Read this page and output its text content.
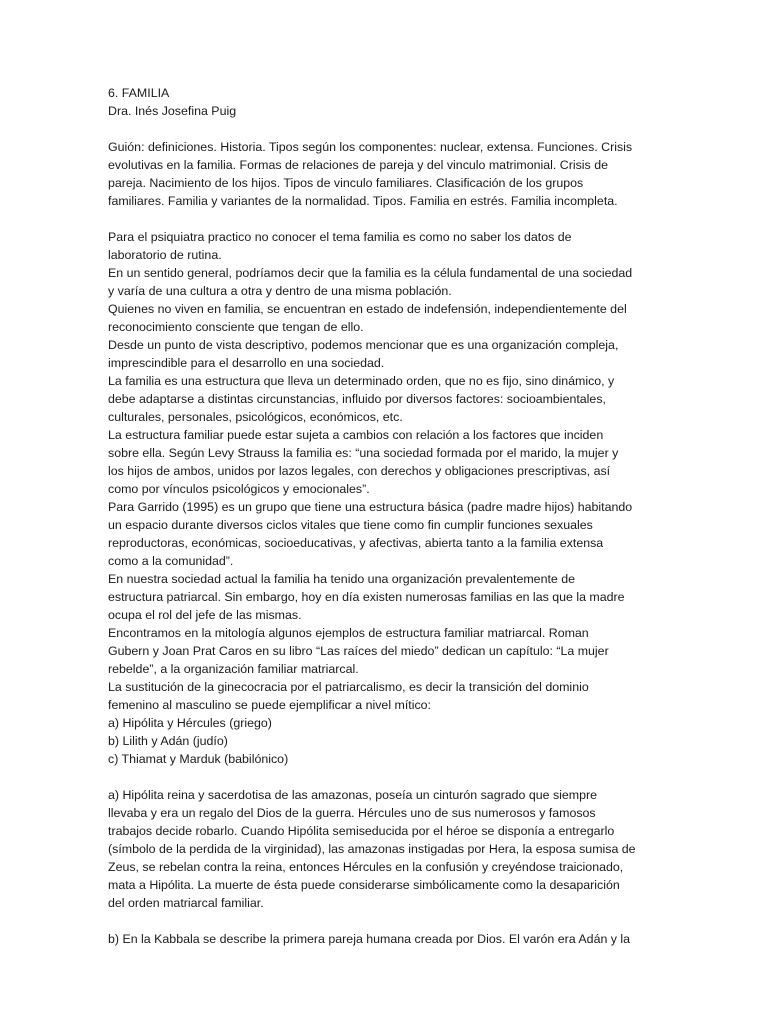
6. FAMILIA
Dra. Inés Josefina Puig
Guión: definiciones. Historia. Tipos según los componentes: nuclear, extensa. Funciones. Crisis
evolutivas en la familia. Formas de relaciones de pareja y del vinculo matrimonial. Crisis de
pareja. Nacimiento de los hijos. Tipos de vinculo familiares. Clasificación de los grupos
familiares. Familia y variantes de la normalidad. Tipos. Familia en estrés. Familia incompleta.
Para el psiquiatra practico no conocer el tema familia es como no saber los datos de
laboratorio de rutina.
En un sentido general, podríamos decir que la familia es la célula fundamental de una sociedad
y varía de una cultura a otra y dentro de una misma población.
Quienes no viven en familia, se encuentran en estado de indefensión, independientemente del
reconocimiento consciente que tengan de ello.
Desde un punto de vista descriptivo, podemos mencionar que es una organización compleja,
imprescindible para el desarrollo en una sociedad.
La familia es una estructura que lleva un determinado orden, que no es fijo, sino dinámico, y
debe adaptarse a distintas circunstancias, influido por diversos factores: socioambientales,
culturales, personales, psicológicos, económicos, etc.
La estructura familiar puede estar sujeta a cambios con relación a los factores que inciden
sobre ella. Según Levy Strauss la familia es: “una sociedad formada por el marido, la mujer y
los hijos de ambos, unidos por lazos legales, con derechos y obligaciones prescriptivas, así
como por vínculos psicológicos y emocionales”.
Para Garrido (1995) es un grupo que tiene una estructura básica (padre madre hijos) habitando
un espacio durante diversos ciclos vitales que tiene como fin cumplir funciones sexuales
reproductoras, económicas, socioeducativas, y afectivas, abierta tanto a la familia extensa
como a la comunidad”.
En nuestra sociedad actual la familia ha tenido una organización prevalentemente de
estructura patriarcal. Sin embargo, hoy en día existen numerosas familias en las que la madre
ocupa el rol del jefe de las mismas.
Encontramos en la mitología algunos ejemplos de estructura familiar matriarcal. Roman
Gubern y Joan Prat Caros en su libro “Las raíces del miedo” dedican un capítulo: “La mujer
rebelde”, a la organización familiar matriarcal.
La sustitución de la ginecocracia por el patriarcalismo, es decir la transición del dominio
femenino al masculino se puede ejemplificar a nivel mítico:
a) Hipólita y Hércules (griego)
b) Lilith y Adán (judío)
c) Thiamat y Marduk (babilónico)
a) Hipólita reina y sacerdotisa de las amazonas, poseía un cinturón sagrado que siempre
llevaba y era un regalo del Dios de la guerra. Hércules uno de sus numerosos y famosos
trabajos decide robarlo. Cuando Hipólita semiseducida por el héroe se disponía a entregarlo
(símbolo de la perdida de la virginidad), las amazonas instigadas por Hera, la esposa sumisa de
Zeus, se rebelan contra la reina, entonces Hércules en la confusión y creyéndose traicionado,
mata a Hipólita. La muerte de ésta puede considerarse simbólicamente como la desaparición
del orden matriarcal familiar.
b) En la Kabbala se describe la primera pareja humana creada por Dios. El varón era Adán y la
